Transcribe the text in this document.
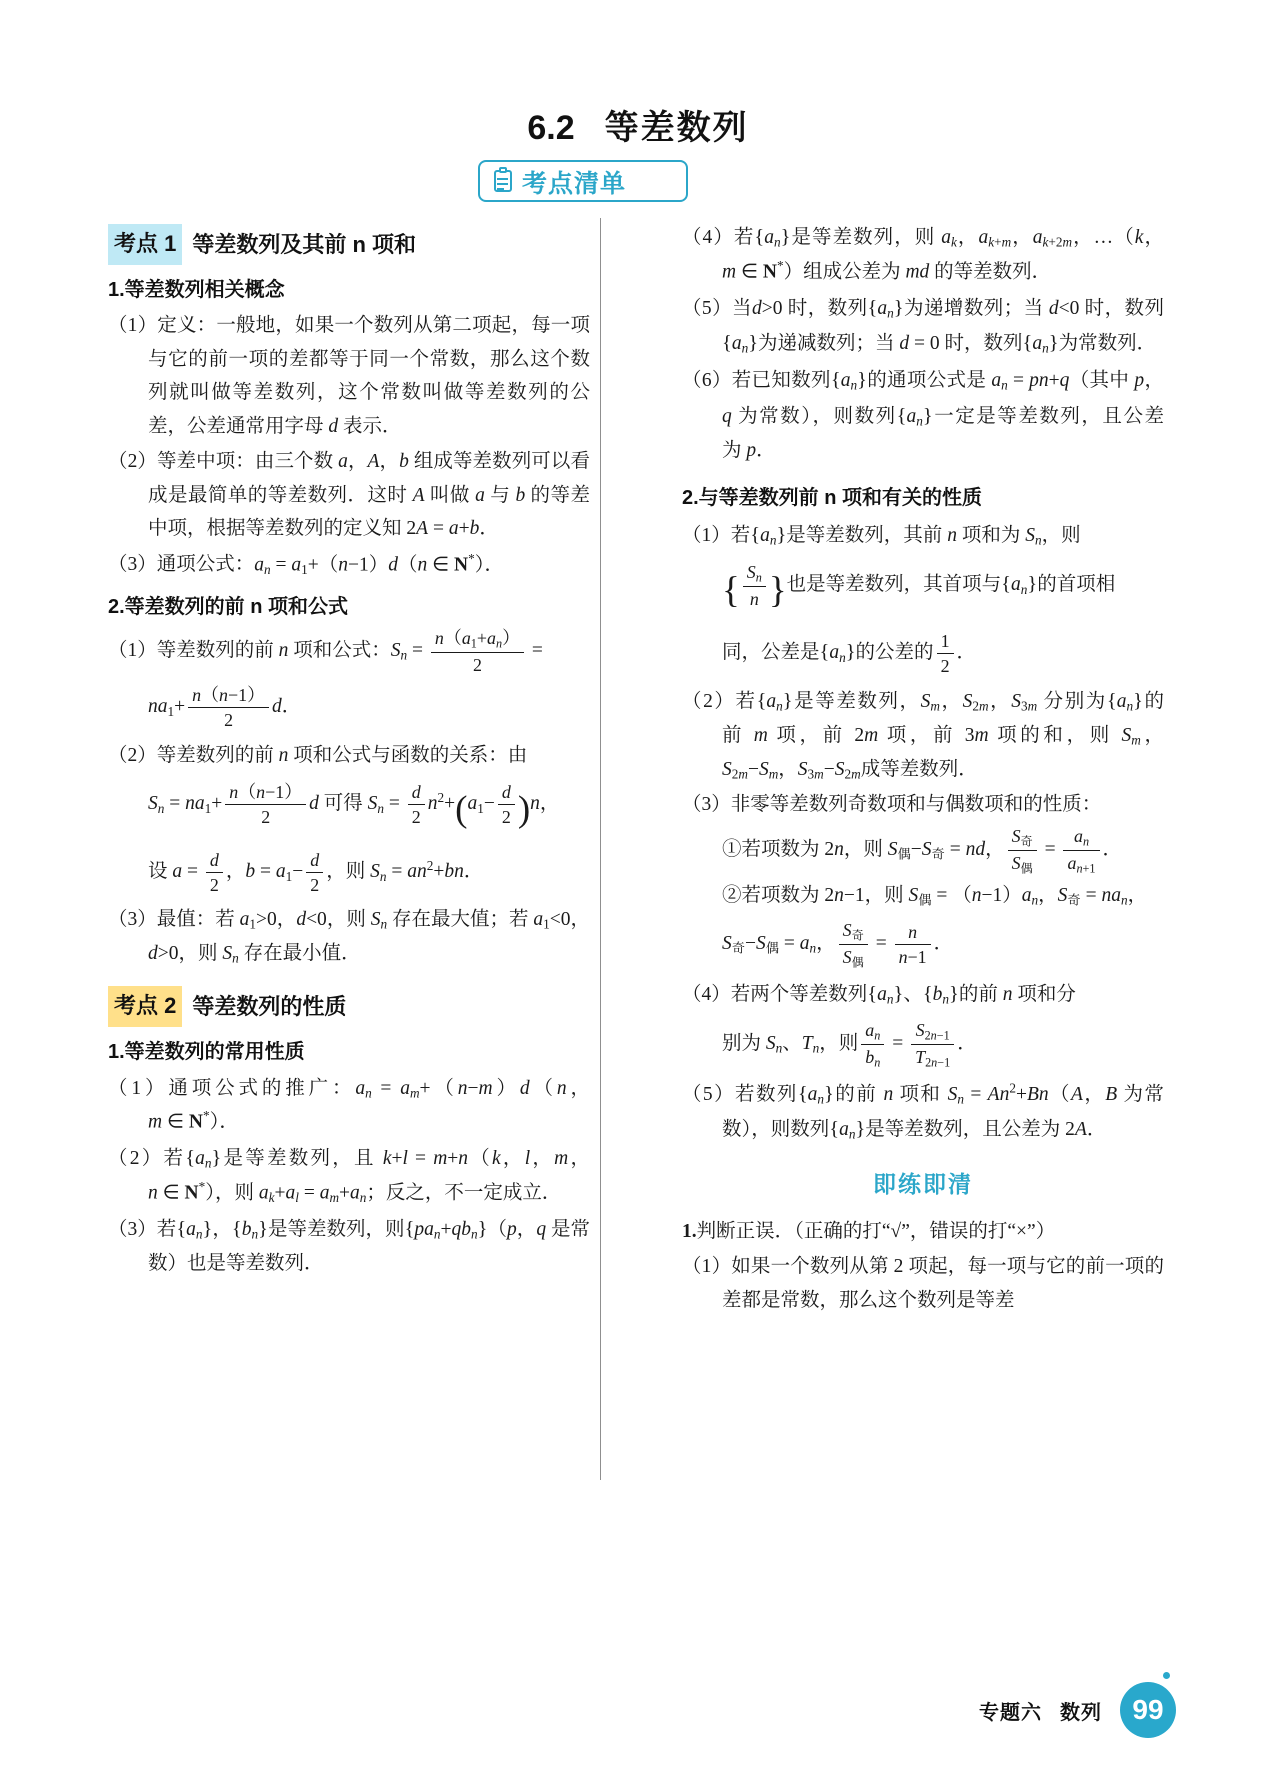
6.2 等差数列
考点清单
考点 1 等差数列及其前 n 项和
1.等差数列相关概念

（1）定义：一般地，如果一个数列从第二项起，每一项与它的前一项的差都等于同一个常数，那么这个数列就叫做等差数列，这个常数叫做等差数列的公差，公差通常用字母 d 表示．

（2）等差中项：由三个数 a，A，b 组成等差数列可以看成是最简单的等差数列．这时 A 叫做 a 与 b 的等差中项，根据等差数列的定义知 2A = a+b．

（3）通项公式：$a_n = a_1+(n-1)d(n$ ∈ N*）．

2.等差数列的前 n 项和公式

（1）等差数列的前 n 项和公式：$S_n = \frac{n(a_1+a_n)}{2}$ =

$na_1+ \frac{n(n-1)}{2}$ d．

（2）等差数列的前 n 项和公式与函数的关系：由

$S_n = na_1+ \frac{n(n-1)}{2}$ d 可得 $S_n = \frac{d}{2} n^2+(a_1- \frac{d}{2} )n$，

设 $a = \frac{d}{2}$ ，$b = a_1- \frac{d}{2}$ ，则 $S_n = an^2+bn$．

（3）最值：若 $a_1>0$，d<0，则 $S_n$ 存在最大值；若 $a_1<0$，d>0，则 $S_n$ 存在最小值．

考点 2 等差数列的性质
1.等差数列的常用性质

（1）通项公式的推广：$a_n = a_m+(n-m)d(n$，m ∈ N*）．

（2）若$\{a_n\}$是等差数列，且 k+l = m+n（k，l，m，n ∈ N*），则 $a_k+a_l = a_m+a_n$；反之，不一定成立．

（3）若$\{a_n\}$，$\{b_n\}$是等差数列，则$\{pa_n+qb_n\}(p$，q 是常数）也是等差数列．

（4）若$\{a_n\}$是等差数列，则 $a_k$，$a_{k+m}$，$a_{k+2m}$，…（k，m ∈ N*）组成公差为 md 的等差数列．

（5）当d>0 时，数列$\{a_n\}$为递增数列；当 d<0 时，数列$\{a_n\}$为递减数列；当 d = 0 时，数列$\{a_n\}$为常数列．

（6）若已知数列$\{a_n\}$的通项公式是 $a_n = pn+q$（其中 p，q 为常数），则数列$\{a_n\}$一定是等差数列，且公差为 p．

2.与等差数列前 n 项和有关的性质

（1）若$\{a_n\}$是等差数列，其前 n 项和为 $S_n$，则

{ $\frac{S_n}{n}$ }也是等差数列，其首项与$\{a_n\}$的首项相

同，公差是$\{a_n\}$的公差的 $\frac{1}{2}$ ．

（2）若$\{a_n\}$是等差数列，$S_m$，$S_{2m}$，$S_{3m}$ 分别为$\{a_n\}$的前 m 项，前 2m 项，前 3m 项的和，则 $S_m$，$S_{2m}-S_m$，$S_{3m}-S_{2m}$成等差数列．

（3）非零等差数列奇数项和与偶数项和的性质：

①若项数为 2n，则 $S_偶-S_奇$ = nd， $\frac{S_奇}{S_偶} = \frac{a_n}{a_{n+1}}$ ．

②若项数为 2n−1，则 $S_偶 = (n-1)a_n$，$S_奇 = na_n$，

$S_奇-S_偶 = a_n$， $\frac{S_奇}{S_偶} = \frac{n}{n-1}$ ．

（4）若两个等差数列$\{a_n\}$、$\{b_n\}$的前 n 项和分

别为 $S_n$、$T_n$，则 $\frac{a_n}{b_n} = \frac{S_{2n-1}}{T_{2n-1}}$ ．

（5）若数列$\{a_n\}$的前 n 项和 $S_n = An^2+Bn(A$，B 为常数），则数列$\{a_n\}$是等差数列，且公差为 2A．

即练即清

1.判断正误．（正确的打“√”，错误的打“×”）

（1）如果一个数列从第 2 项起，每一项与它的前一项的差都是常数，那么这个数列是等差

专题六 数列 99
